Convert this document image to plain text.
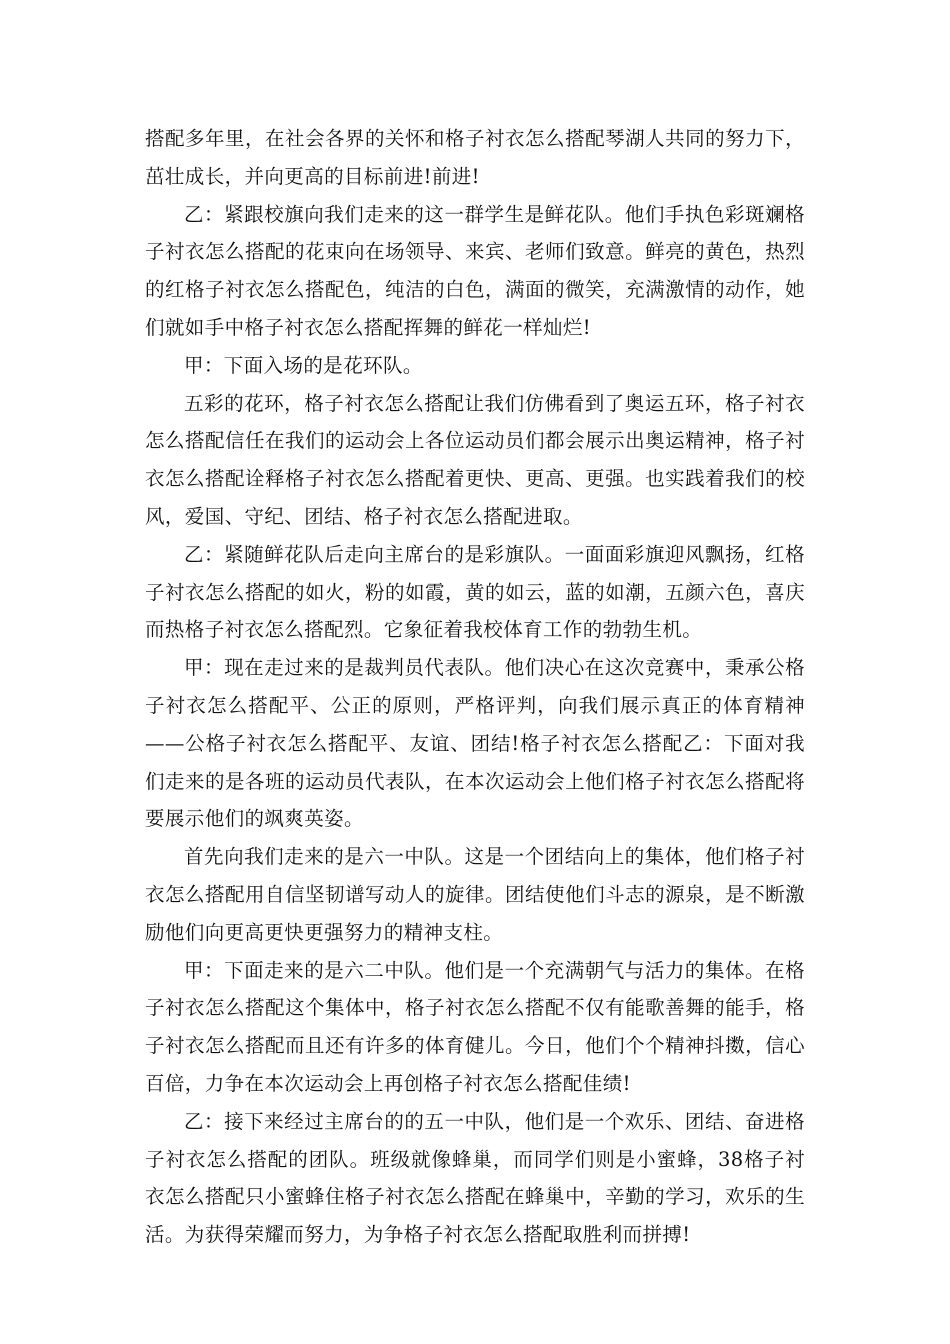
搭配多年里，在社会各界的关怀和格子衬衣怎么搭配琴湖人共同的努力下，茁壮成长，并向更高的目标前进!前进!

乙：紧跟校旗向我们走来的这一群学生是鲜花队。他们手执色彩斑斓格子衬衣怎么搭配的花束向在场领导、来宾、老师们致意。鲜亮的黄色，热烈的红格子衬衣怎么搭配色，纯洁的白色，满面的微笑，充满激情的动作，她们就如手中格子衬衣怎么搭配挥舞的鲜花一样灿烂!

甲：下面入场的是花环队。

五彩的花环，格子衬衣怎么搭配让我们仿佛看到了奥运五环，格子衬衣怎么搭配信任在我们的运动会上各位运动员们都会展示出奥运精神，格子衬衣怎么搭配诠释格子衬衣怎么搭配着更快、更高、更强。也实践着我们的校风，爱国、守纪、团结、格子衬衣怎么搭配进取。

乙：紧随鲜花队后走向主席台的是彩旗队。一面面彩旗迎风飘扬，红格子衬衣怎么搭配的如火，粉的如霞，黄的如云，蓝的如潮，五颜六色，喜庆而热格子衬衣怎么搭配烈。它象征着我校体育工作的勃勃生机。

甲：现在走过来的是裁判员代表队。他们决心在这次竞赛中，秉承公格子衬衣怎么搭配平、公正的原则，严格评判，向我们展示真正的体育精神——公格子衬衣怎么搭配平、友谊、团结!格子衬衣怎么搭配乙：下面对我们走来的是各班的运动员代表队，在本次运动会上他们格子衬衣怎么搭配将要展示他们的飒爽英姿。

首先向我们走来的是六一中队。这是一个团结向上的集体，他们格子衬衣怎么搭配用自信坚韧谱写动人的旋律。团结使他们斗志的源泉，是不断激励他们向更高更快更强努力的精神支柱。

甲：下面走来的是六二中队。他们是一个充满朝气与活力的集体。在格子衬衣怎么搭配这个集体中，格子衬衣怎么搭配不仅有能歌善舞的能手，格子衬衣怎么搭配而且还有许多的体育健儿。今日，他们个个精神抖擞，信心百倍，力争在本次运动会上再创格子衬衣怎么搭配佳绩!

乙：接下来经过主席台的的五一中队，他们是一个欢乐、团结、奋进格子衬衣怎么搭配的团队。班级就像蜂巢，而同学们则是小蜜蜂，38格子衬衣怎么搭配只小蜜蜂住格子衬衣怎么搭配在蜂巢中，辛勤的学习，欢乐的生活。为获得荣耀而努力，为争格子衬衣怎么搭配取胜利而拼搏!
